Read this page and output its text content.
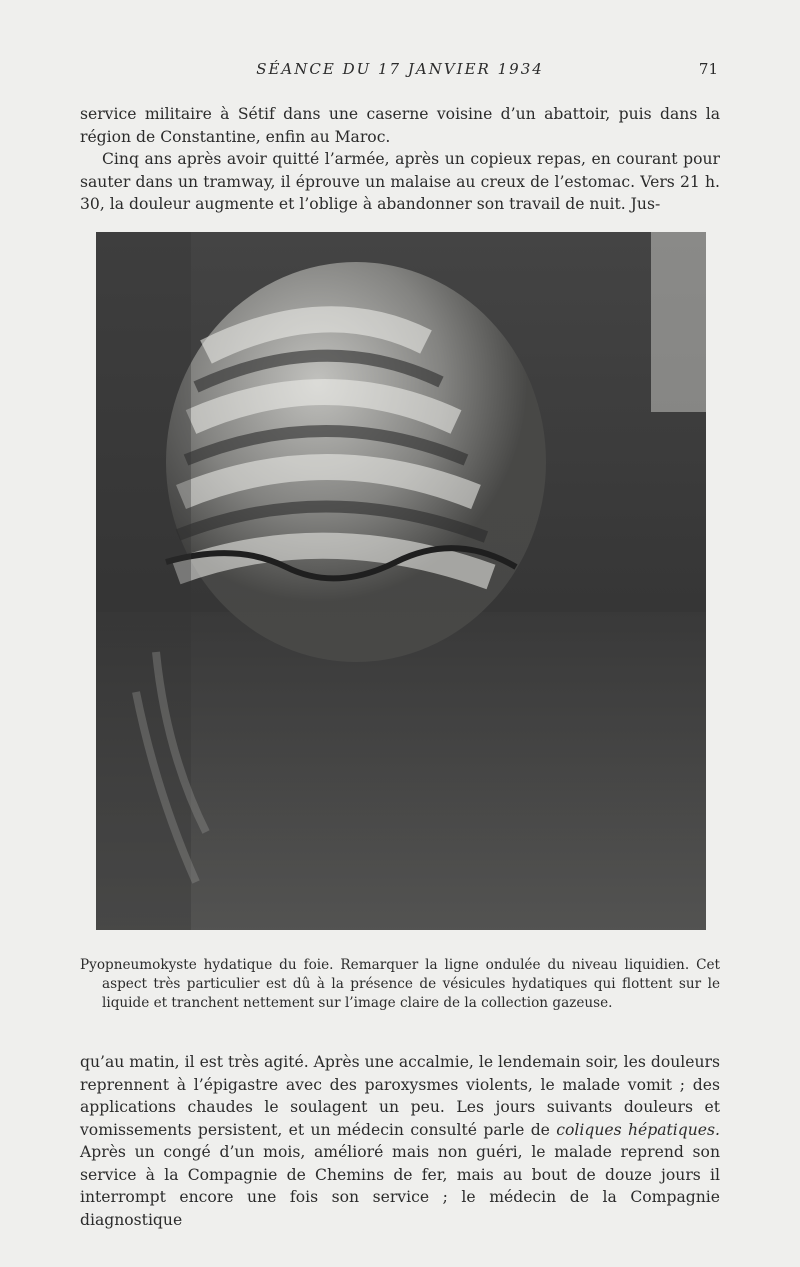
SÉANCE DU 17 JANVIER 1934	71

service militaire à Sétif dans une caserne voisine d’un abattoir, puis dans la région de Constantine, enfin au Maroc.

Cinq ans après avoir quitté l’armée, après un copieux repas, en courant pour sauter dans un tramway, il éprouve un malaise au creux de l’estomac. Vers 21 h. 30, la douleur augmente et l’oblige à abandonner son travail de nuit. Jus-

Pyopneumokyste hydatique du foie. Remarquer la ligne ondulée du niveau liquidien. Cet aspect très particulier est dû à la présence de vésicules hydatiques qui flottent sur le liquide et tranchent nettement sur l’image claire de la collection gazeuse.

qu’au matin, il est très agité. Après une accalmie, le lendemain soir, les douleurs reprennent à l’épigastre avec des paroxysmes violents, le malade vomit ; des applications chaudes le soulagent un peu. Les jours suivants douleurs et vomissements persistent, et un médecin consulté parle de coliques hépatiques. Après un congé d’un mois, amélioré mais non guéri, le malade reprend son service à la Compagnie de Chemins de fer, mais au bout de douze jours il interrompt encore une fois son service ; le médecin de la Compagnie diagnostique
